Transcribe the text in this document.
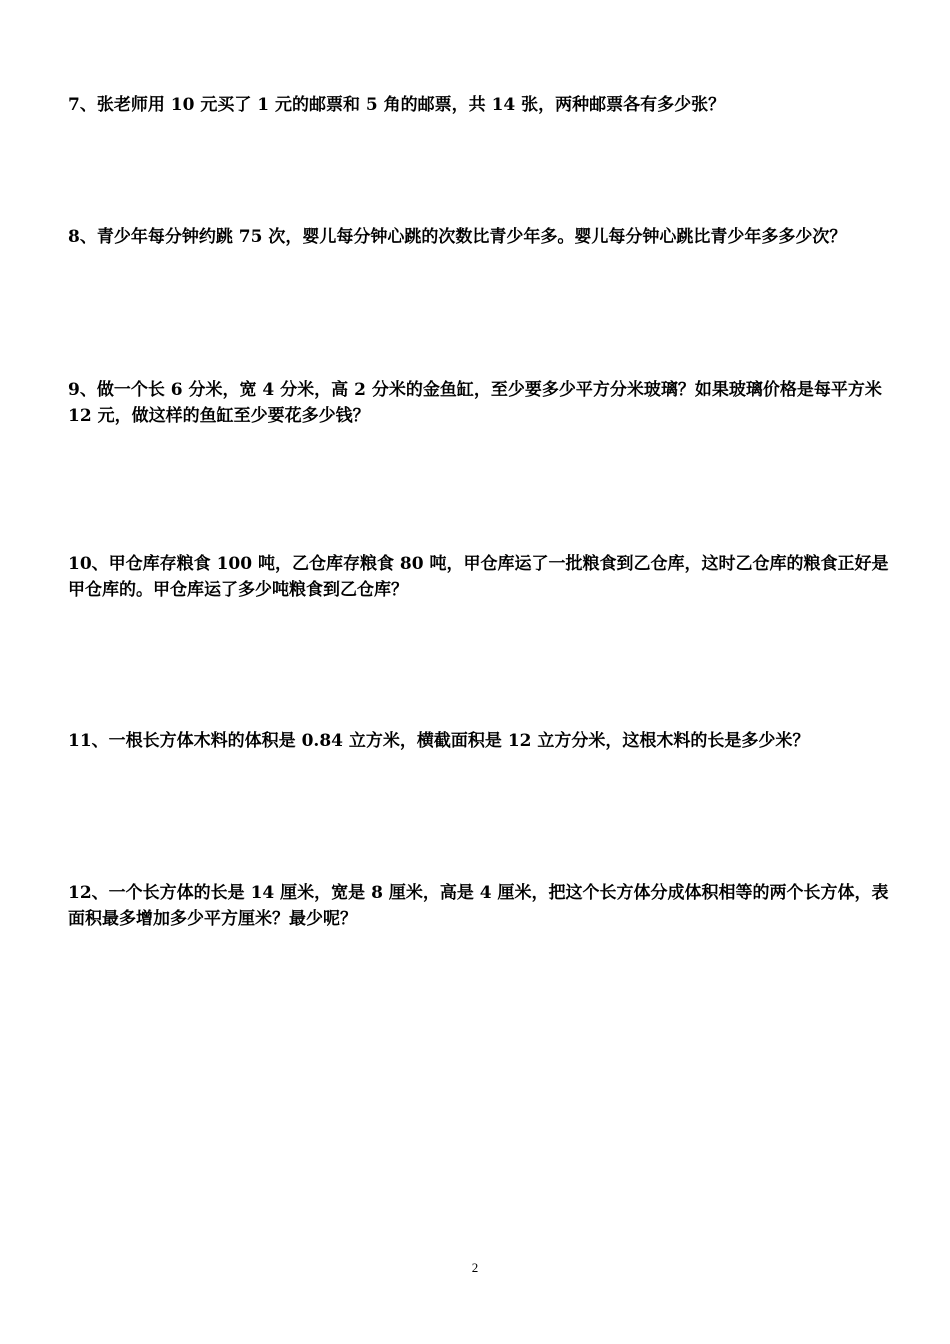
7、张老师用 10 元买了 1 元的邮票和 5 角的邮票，共 14 张，两种邮票各有多少张？

8、青少年每分钟约跳 75 次，婴儿每分钟心跳的次数比青少年多。婴儿每分钟心跳比青少年多多少次？

9、做一个长 6 分米，宽 4 分米，高 2 分米的金鱼缸，至少要多少平方分米玻璃？如果玻璃价格是每平方米 12 元，做这样的鱼缸至少要花多少钱？

10、甲仓库存粮食 100 吨，乙仓库存粮食 80 吨，甲仓库运了一批粮食到乙仓库，这时乙仓库的粮食正好是甲仓库的。甲仓库运了多少吨粮食到乙仓库？

11、一根长方体木料的体积是 0.84 立方米，横截面积是 12 立方分米，这根木料的长是多少米？

12、一个长方体的长是 14 厘米，宽是 8 厘米，高是 4 厘米，把这个长方体分成体积相等的两个长方体，表面积最多增加多少平方厘米？最少呢？

2
